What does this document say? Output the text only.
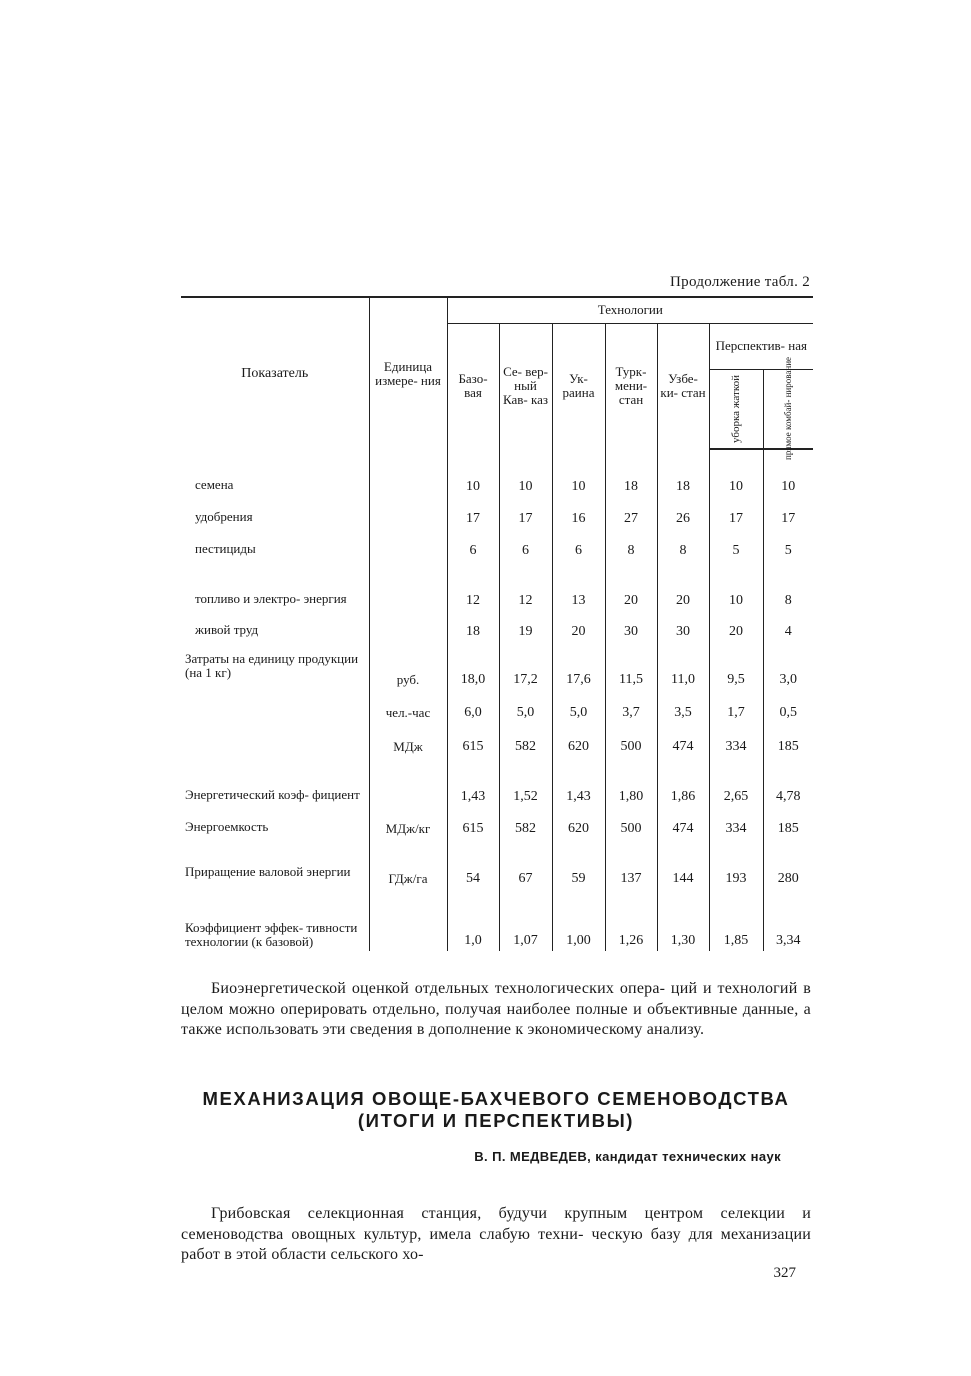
Продолжение табл. 2
Показатель	Единица измере- ния	Технологии						
		Базо- вая	Се- вер- ный Кав- каз	Ук- раина	Турк- мени- стан	Узбе- ки- стан	Перспектив- ная	

							уборка жаткой	прямое комбай- нирование

семена		10	10	10	18	18	10	10
удобрения		17	17	16	27	26	17	17
пестициды		6	6	6	8	8	5	5
топливо и электро- энергия		12	12	13	20	20	10	8
живой труд		18	19	20	30	30	20	4
Затраты на единицу продукции (на 1 кг)	руб.	18,0	17,2	17,6	11,5	11,0	9,5	3,0
	чел.-час	6,0	5,0	5,0	3,7	3,5	1,7	0,5
	МДж	615	582	620	500	474	334	185
Энергетический коэф- фициент		1,43	1,52	1,43	1,80	1,86	2,65	4,78
Энергоемкость	МДж/кг	615	582	620	500	474	334	185
Приращение валовой энергии	ГДж/га	54	67	59	137	144	193	280
Коэффициент эффек- тивности технологии (к базовой)		1,0	1,07	1,00	1,26	1,30	1,85	3,34

Биоэнергетической оценкой отдельных технологических опера- ций и технологий в целом можно оперировать отдельно, получая наиболее полные и объективные данные, а также использовать эти сведения в дополнение к экономическому анализу.

МЕХАНИЗАЦИЯ ОВОЩЕ-БАХЧЕВОГО СЕМЕНОВОДСТВА
(ИТОГИ И ПЕРСПЕКТИВЫ)
В. П. МЕДВЕДЕВ, кандидат технических наук

Грибовская селекционная станция, будучи крупным центром селекции и семеноводства овощных культур, имела слабую техни- ческую базу для механизации работ в этой области сельского хо-

327
